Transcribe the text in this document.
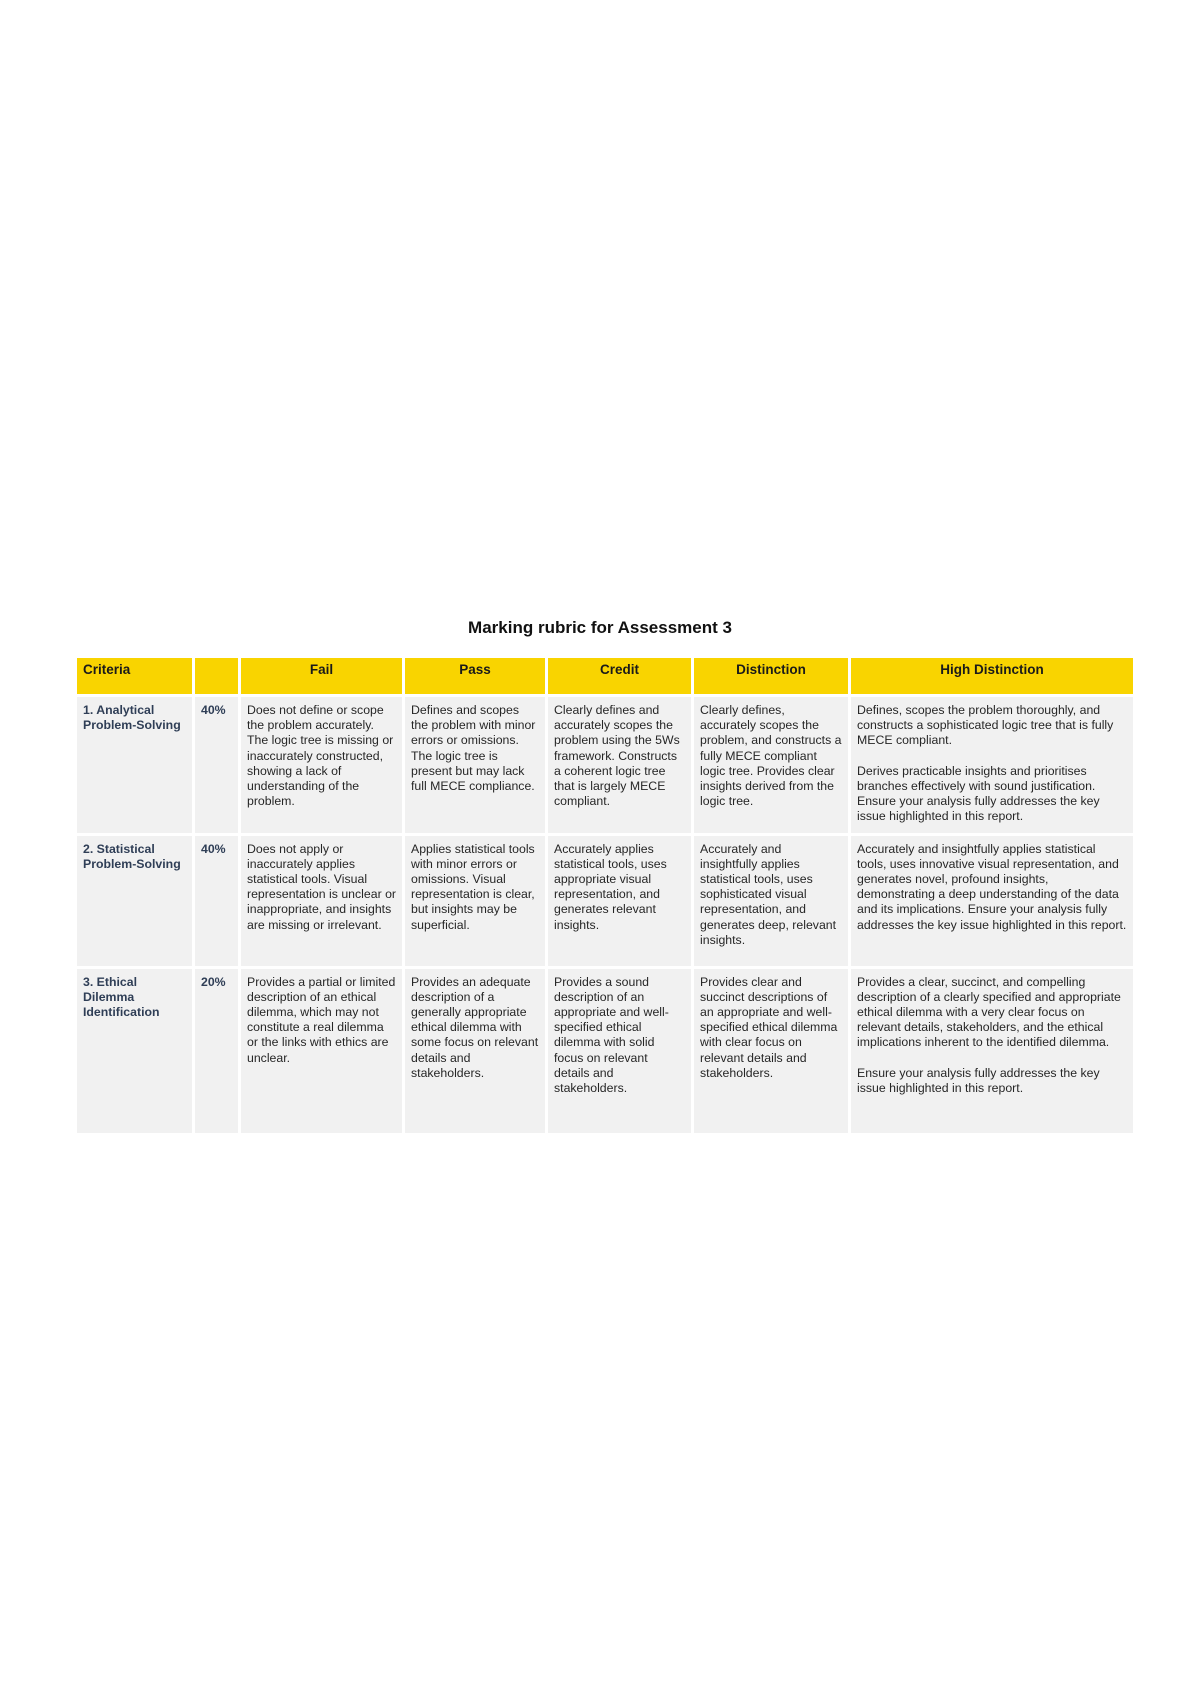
Marking rubric for Assessment 3
Criteria		Fail	Pass	Credit	Distinction	High Distinction
1. Analytical Problem-Solving	40%	Does not define or scope the problem accurately. The logic tree is missing or inaccurately constructed, showing a lack of understanding of the problem.	Defines and scopes the problem with minor errors or omissions. The logic tree is present but may lack full MECE compliance.	Clearly defines and accurately scopes the problem using the 5Ws framework. Constructs a coherent logic tree that is largely MECE compliant.	Clearly defines, accurately scopes the problem, and constructs a fully MECE compliant logic tree. Provides clear insights derived from the logic tree.	Defines, scopes the problem thoroughly, and constructs a sophisticated logic tree that is fully MECE compliant.

Derives practicable insights and prioritises branches effectively with sound justification. Ensure your analysis fully addresses the key issue highlighted in this report.
2. Statistical Problem-Solving	40%	Does not apply or inaccurately applies statistical tools. Visual representation is unclear or inappropriate, and insights are missing or irrelevant.	Applies statistical tools with minor errors or omissions. Visual representation is clear, but insights may be superficial.	Accurately applies statistical tools, uses appropriate visual representation, and generates relevant insights.	Accurately and insightfully applies statistical tools, uses sophisticated visual representation, and generates deep, relevant insights.	Accurately and insightfully applies statistical tools, uses innovative visual representation, and generates novel, profound insights, demonstrating a deep understanding of the data and its implications. Ensure your analysis fully addresses the key issue highlighted in this report.
3. Ethical Dilemma Identification	20%	Provides a partial or limited description of an ethical dilemma, which may not constitute a real dilemma or the links with ethics are unclear.	Provides an adequate description of a generally appropriate ethical dilemma with some focus on relevant details and stakeholders.	Provides a sound description of an appropriate and well-specified ethical dilemma with solid focus on relevant details and stakeholders.	Provides clear and succinct descriptions of an appropriate and well-specified ethical dilemma with clear focus on relevant details and stakeholders.	Provides a clear, succinct, and compelling description of a clearly specified and appropriate ethical dilemma with a very clear focus on relevant details, stakeholders, and the ethical implications inherent to the identified dilemma.

Ensure your analysis fully addresses the key issue highlighted in this report.
